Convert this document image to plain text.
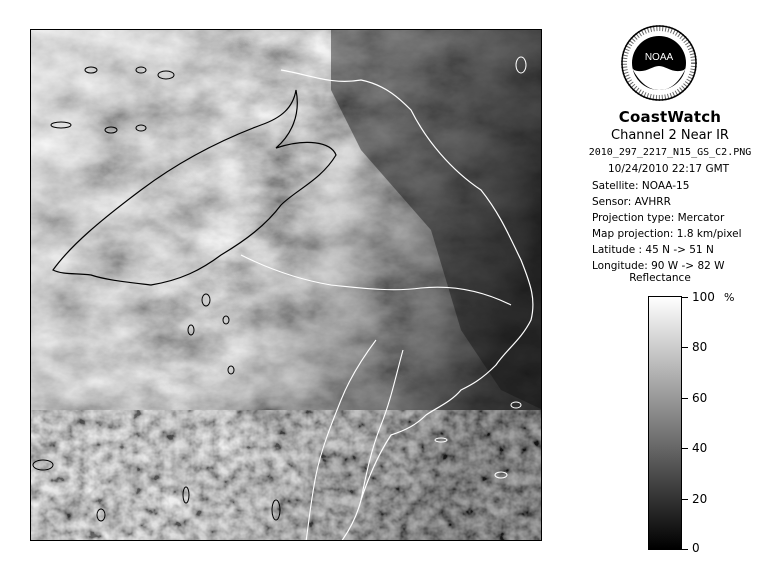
NOAA
CoastWatch
Channel 2 Near IR
2010_297_2217_N15_GS_C2.PNG
10/24/2010 22:17 GMT
Satellite: NOAA-15
Sensor: AVHRR
Projection type: Mercator
Map projection: 1.8 km/pixel
Latitude : 45 N -> 51 N
Longitude: 90 W -> 82 W
Reflectance
%
100
80
60
40
20
0
